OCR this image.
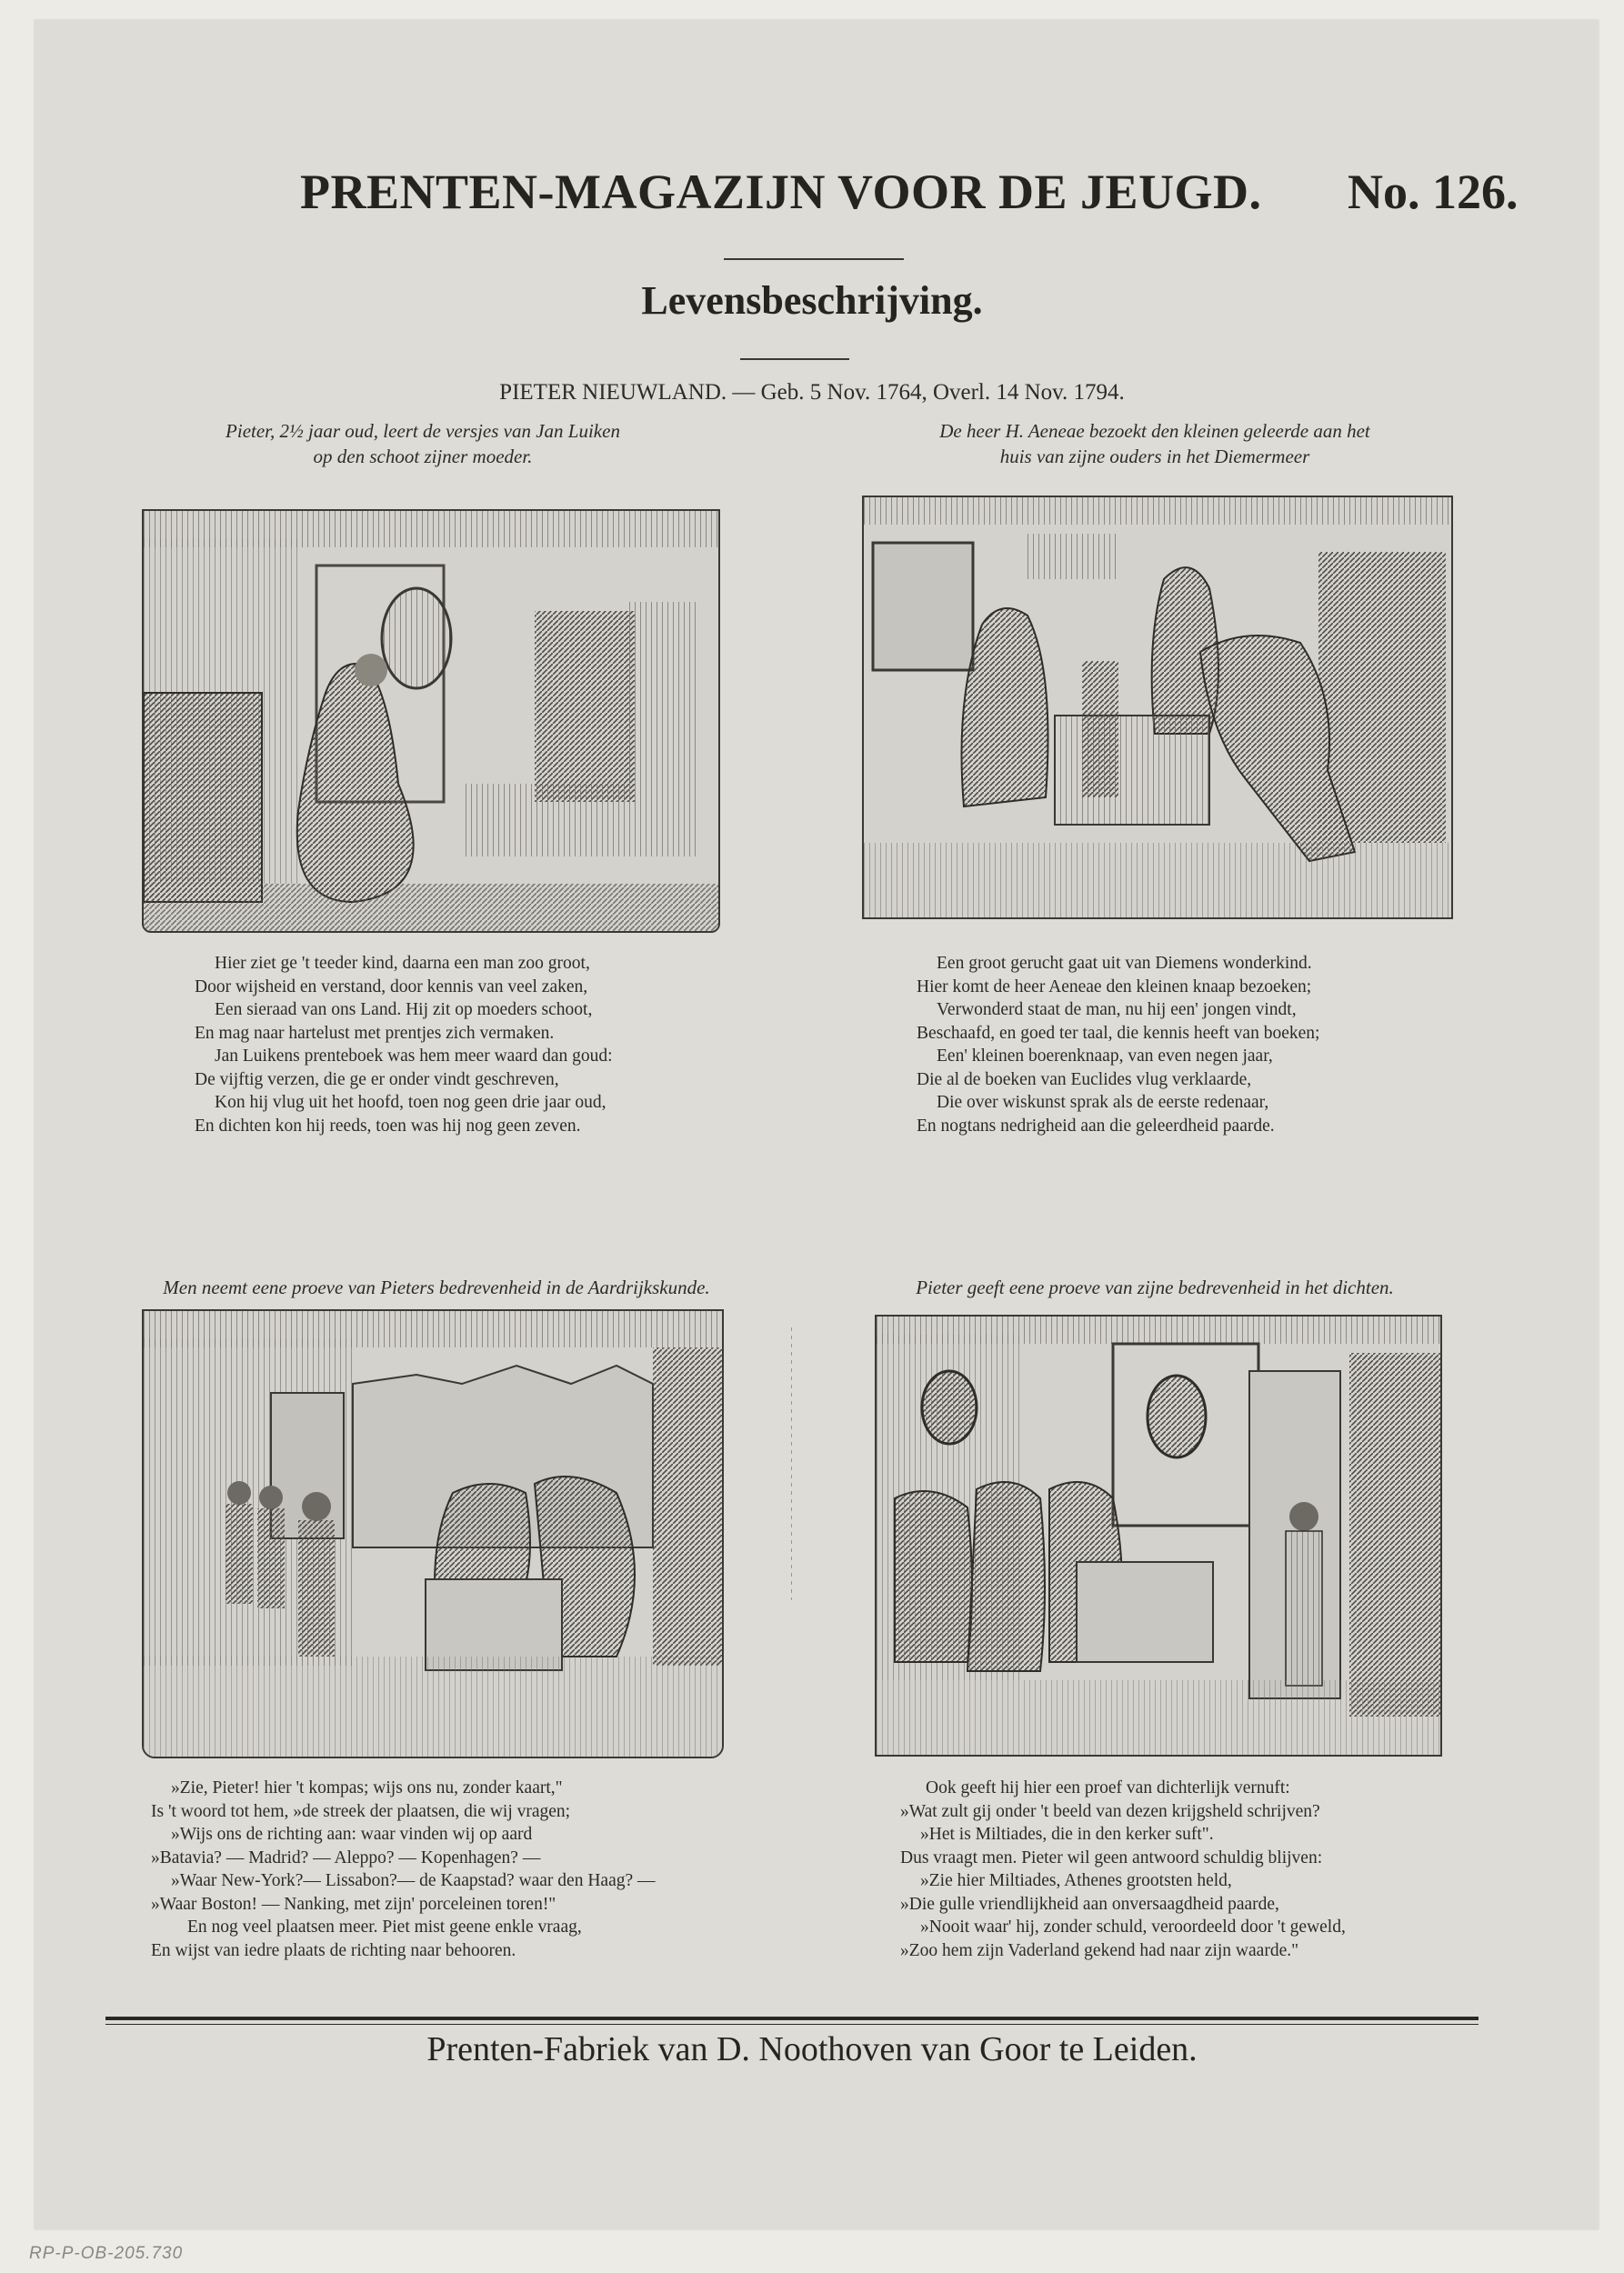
PRENTEN-MAGAZIJN VOOR DE JEUGD. No. 126.
Levensbeschrijving.
PIETER NIEUWLAND. — Geb. 5 Nov. 1764, Overl. 14 Nov. 1794.
Pieter, 2½ jaar oud, leert de versjes van Jan Luiken
op den schoot zijner moeder.
Hier ziet ge 't teeder kind, daarna een man zoo groot,
Door wijsheid en verstand, door kennis van veel zaken,
Een sieraad van ons Land. Hij zit op moeders schoot,
En mag naar hartelust met prentjes zich vermaken.
Jan Luikens prenteboek was hem meer waard dan goud:
De vijftig verzen, die ge er onder vindt geschreven,
Kon hij vlug uit het hoofd, toen nog geen drie jaar oud,
En dichten kon hij reeds, toen was hij nog geen zeven.
De heer H. Aeneae bezoekt den kleinen geleerde aan het
huis van zijne ouders in het Diemermeer
Een groot gerucht gaat uit van Diemens wonderkind.
Hier komt de heer Aeneae den kleinen knaap bezoeken;
Verwonderd staat de man, nu hij een' jongen vindt,
Beschaafd, en goed ter taal, die kennis heeft van boeken;
Een' kleinen boerenknaap, van even negen jaar,
Die al de boeken van Euclides vlug verklaarde,
Die over wiskunst sprak als de eerste redenaar,
En nogtans nedrigheid aan die geleerdheid paarde.
Men neemt eene proeve van Pieters bedrevenheid in de Aardrijkskunde.
»Zie, Pieter! hier 't kompas; wijs ons nu, zonder kaart,"
Is 't woord tot hem, »de streek der plaatsen, die wij vragen;
»Wijs ons de richting aan: waar vinden wij op aard
»Batavia? — Madrid? — Aleppo? — Kopenhagen? —
»Waar New-York?— Lissabon?— de Kaapstad? waar den Haag? —
»Waar Boston! — Nanking, met zijn' porceleinen toren!"
En nog veel plaatsen meer. Piet mist geene enkle vraag,
En wijst van iedre plaats de richting naar behooren.
Pieter geeft eene proeve van zijne bedrevenheid in het dichten.
Ook geeft hij hier een proef van dichterlijk vernuft:
»Wat zult gij onder 't beeld van dezen krijgsheld schrijven?
»Het is Miltiades, die in den kerker suft".
Dus vraagt men. Pieter wil geen antwoord schuldig blijven:
»Zie hier Miltiades, Athenes grootsten held,
»Die gulle vriendlijkheid aan onversaagdheid paarde,
»Nooit waar' hij, zonder schuld, veroordeeld door 't geweld,
»Zoo hem zijn Vaderland gekend had naar zijn waarde."
Prenten-Fabriek van D. Noothoven van Goor te Leiden.
RP-P-OB-205.730
